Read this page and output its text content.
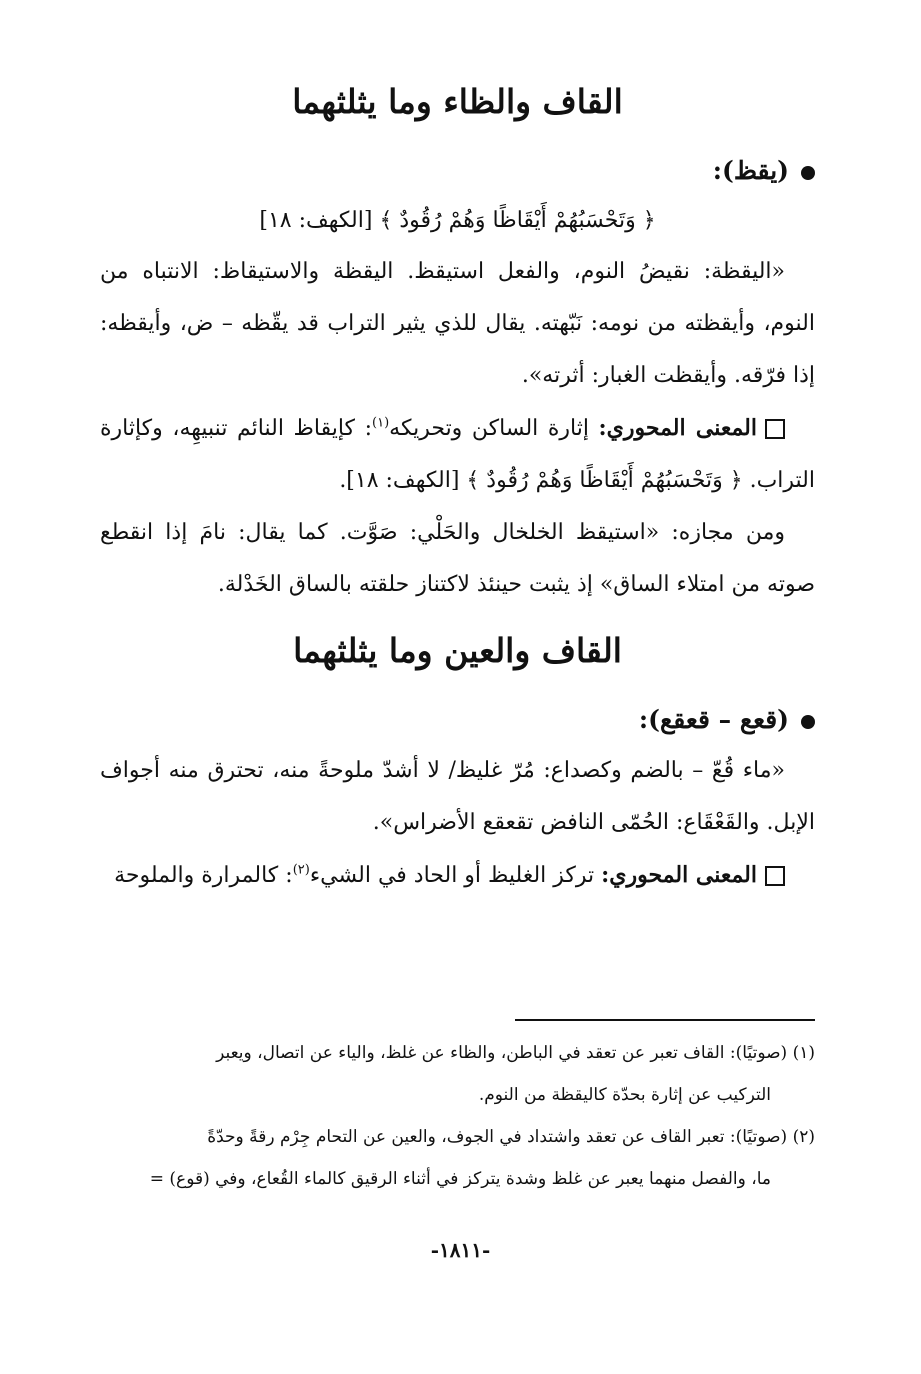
القاف والظاء وما يثلثهما

(يقظ):

﴿ وَتَحْسَبُهُمْ أَيْقَاظًا وَهُمْ رُقُودٌ ﴾ [الكهف: ١٨]

«اليقظة: نقيضُ النوم، والفعل استيقظ. اليقظة والاستيقاظ: الانتباه من النوم، وأيقظته من نومه: نَبّهته. يقال للذي يثير التراب قد يقّظه – ض، وأيقظه: إذا فرّقه. وأيقظت الغبار: أثرته».

المعنى المحوري: إثارة الساكن وتحريكه$^{(١)}$: كإيقاظ النائم تنبيهِه، وكإثارة التراب. ﴿ وَتَحْسَبُهُمْ أَيْقَاظًا وَهُمْ رُقُودٌ ﴾ [الكهف: ١٨].

ومن مجازه: «استيقظ الخلخال والحَلْي: صَوَّت. كما يقال: نامَ إذا انقطع صوته من امتلاء الساق» إذ يثبت حينئذ لاكتناز حلقته بالساق الخَدْلة.

القاف والعين وما يثلثهما

(قعع – قعقع):

«ماء قُعّ – بالضم وكصداع: مُرّ غليظ/ لا أشدّ ملوحةً منه، تحترق منه أجواف الإبل. والقَعْقَاع: الحُمّى النافض تقعقع الأضراس».

المعنى المحوري: تركز الغليظ أو الحاد في الشيء$^{(٢)}$: كالمرارة والملوحة

(١) (صوتيًا): القاف تعبر عن تعقد في الباطن، والظاء عن غلظ، والياء عن اتصال، ويعبر

التركيب عن إثارة بحدّة كاليقظة من النوم.

(٢) (صوتيًا): تعبر القاف عن تعقد واشتداد في الجوف، والعين عن التحام جِرْم رقةً وحدّةً

ما، والفصل منهما يعبر عن غلظ وشدة يتركز في أثناء الرقيق كالماء القُعاع، وفي (قوع) =

-١٨١١-
